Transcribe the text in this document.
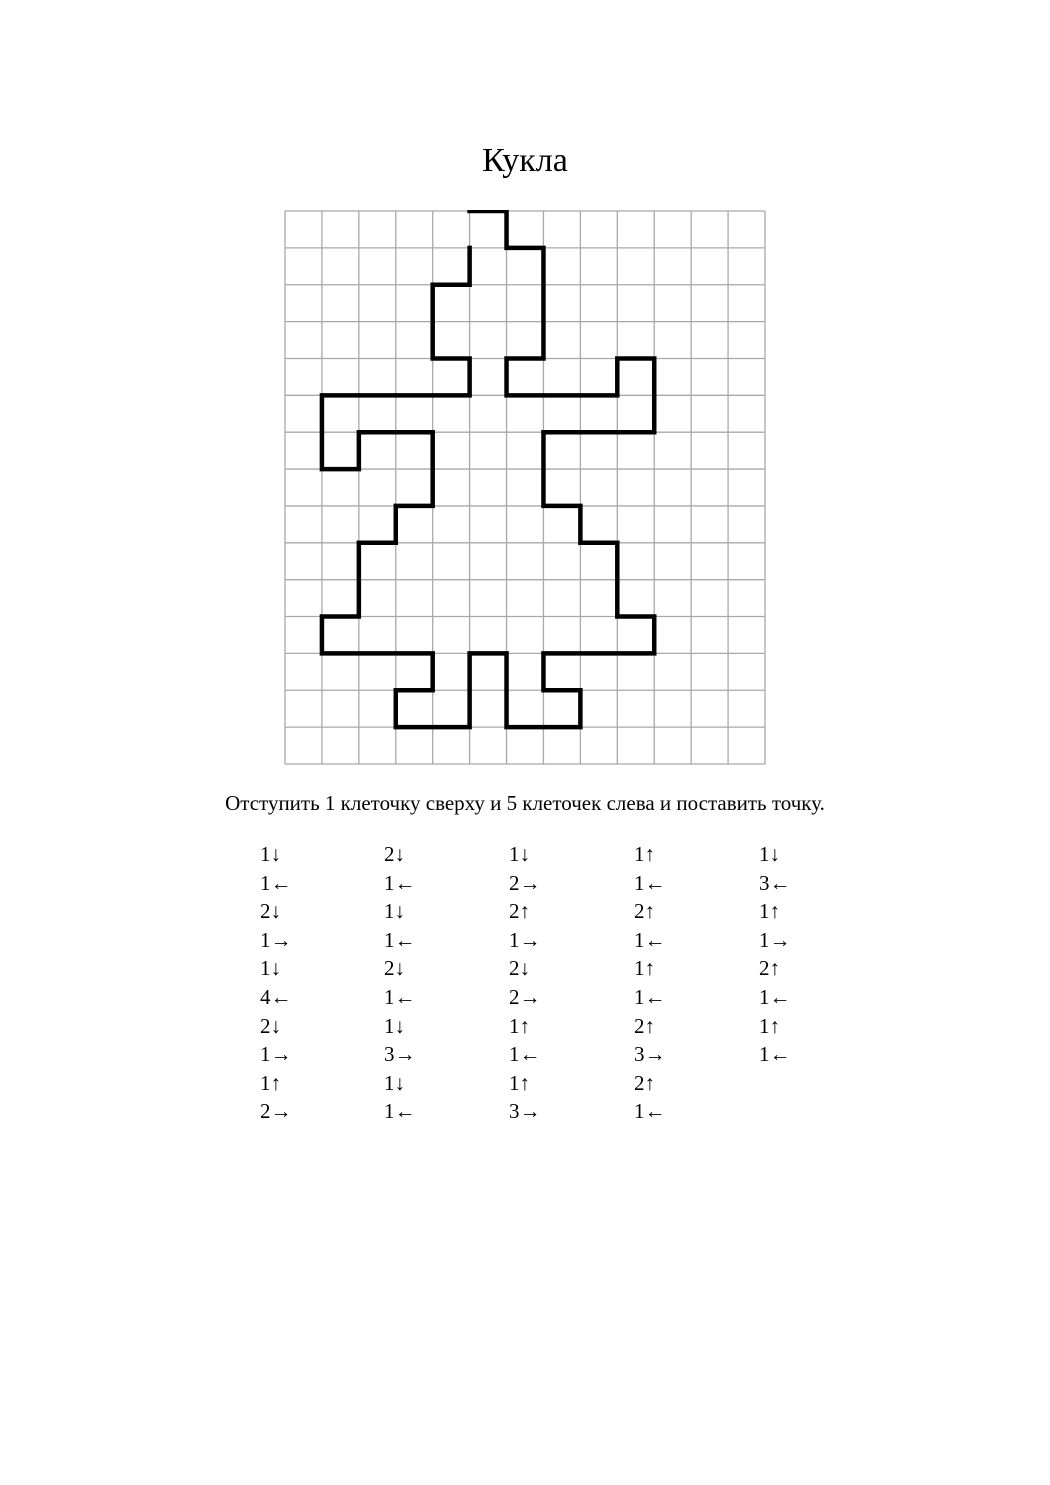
Кукла
Отступить 1 клеточку сверху и 5 клеточек слева и поставить точку.
1↓
1←
2↓
1→
1↓
4←
2↓
1→
1↑
2→
2↓
1←
1↓
1←
2↓
1←
1↓
3→
1↓
1←
1↓
2→
2↑
1→
2↓
2→
1↑
1←
1↑
3→
1↑
1←
2↑
1←
1↑
1←
2↑
3→
2↑
1←
1↓
3←
1↑
1→
2↑
1←
1↑
1←
